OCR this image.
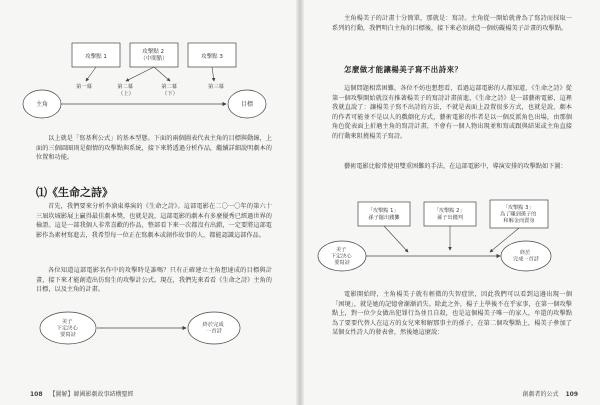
攻擊點 1
攻擊點 2 （中間點）	攻擊點 3
第一幕	第二幕 （上）
第二幕 （下）
第三幕
主角	目標

以上就是「寫基利公式」的基本型態。下面的兩個圖表代表主角的目標與動線，上面的三個圓圈則是劇情的攻擊點與系統，接下來將透過分析作品，繼續詳細說明劇本的位置和功能。

⑴《生命之詩》

首先，我們要來分析李滄東導演的《生命之詩》。這部電影在二〇一〇年的第六十三屆坎城影展上贏得最佳劇本獎，也就是說，這部電影的劇本有多麼優秀已經過世界的檢證。這是一部我個人非常喜歡的作品，整部看下來一次都沒有出錯，一定要將這部電影作為素材寫進去，我希望每一位正在寫劇本或創作故事的人，都能認識這部作品。

各位知道這部電影名作中的攻擊時是誰嗎？只有正確建立主角想達成的目標與計畫，接下來才能創造出仿寫生的攻擊計公式。現在，我們先來看看《生命之詩》主角的目標，以及主角的計畫。

美子 下定決心 要寫詩
終於完成 一首詩
108 【圖解】韓國影劇故事結構聖經

主角楊美子的計畫十分簡單，那就是：寫詩。主角從一開始就會為了寫詩而採取一系列的行動，我們明白主角的目標後，接下來必須創造一個妨礙楊美子計畫的攻擊點。

怎麼做才能讓楊美子寫不出詩來？

這個問題相當困難，各位不妨也想想看，看過這部電影的人都知道，《生命之詩》從第一個攻擊開始就沒有推著楊美子的寫詩計畫前進，《生命之詩》是一部藝術電影，這裡我就直說了：讓楊美子寫不出詩的方法，不就是表面上設置很多方式，也就是說，劇本的作者可能並不是以人的戲劇化方式，藝術電影的作者是以一個反派角色出場，由那個角色從表面上折磨主角的寫詩計畫，不會有一個人物出現並和寫或跟與結果或主角直接的行動來阻撓楊美子寫詩。

藝術電影比較常使用雙重困難的手法，在這部電影中，導演安排的攻擊點如下圖：

「攻擊點 1」 孫子擺出錢攤
「攻擊點 2」 孫子出錢判
「攻擊點 3」 為了賺到孫子的 和解金而賣身
美子 下定決心 要寫詩
終於 完成一首詩

電影開始時，主角楊美子就有輕微的失智症狀，因此我們可以看到這邊出現一個「困境」，就是她的記憶會漸漸消失。除此之外，楊子上學後不在乎家事，在第一個攻擊點上，對一位少女做出犯罪行為並且自殺，也是這個楊美子唯一的家人，牟還的攻擊點為了要要代替人在這方的女兒來和解那事主的孫子，在第二個攻擊點上，楊美子參加了某個女性詩人的發表會，然後她這麼說：

創劇者的公式 109
